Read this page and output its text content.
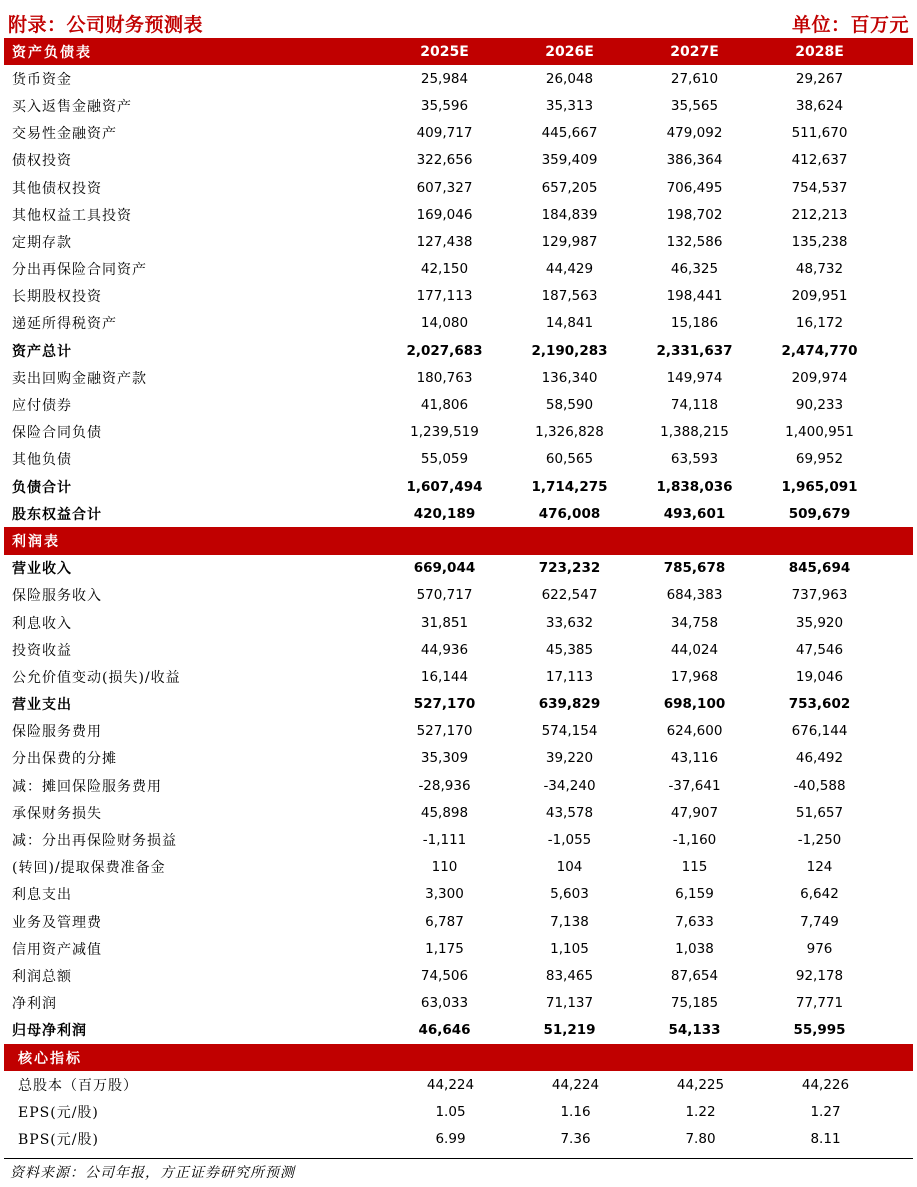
附录：公司财务预测表	单位：百万元
资产负债表	2025E	2026E	2027E	2028E
货币资金	25,984	26,048	27,610	29,267
买入返售金融资产	35,596	35,313	35,565	38,624
交易性金融资产	409,717	445,667	479,092	511,670
债权投资	322,656	359,409	386,364	412,637
其他债权投资	607,327	657,205	706,495	754,537
其他权益工具投资	169,046	184,839	198,702	212,213
定期存款	127,438	129,987	132,586	135,238
分出再保险合同资产	42,150	44,429	46,325	48,732
长期股权投资	177,113	187,563	198,441	209,951
递延所得税资产	14,080	14,841	15,186	16,172
资产总计	2,027,683	2,190,283	2,331,637	2,474,770
卖出回购金融资产款	180,763	136,340	149,974	209,974
应付债券	41,806	58,590	74,118	90,233
保险合同负债	1,239,519	1,326,828	1,388,215	1,400,951
其他负债	55,059	60,565	63,593	69,952
负债合计	1,607,494	1,714,275	1,838,036	1,965,091
股东权益合计	420,189	476,008	493,601	509,679
利润表
营业收入	669,044	723,232	785,678	845,694
保险服务收入	570,717	622,547	684,383	737,963
利息收入	31,851	33,632	34,758	35,920
投资收益	44,936	45,385	44,024	47,546
公允价值变动(损失)/收益	16,144	17,113	17,968	19,046
营业支出	527,170	639,829	698,100	753,602
保险服务费用	527,170	574,154	624,600	676,144
分出保费的分摊	35,309	39,220	43,116	46,492
减：摊回保险服务费用	-28,936	-34,240	-37,641	-40,588
承保财务损失	45,898	43,578	47,907	51,657
减：分出再保险财务损益	-1,111	-1,055	-1,160	-1,250
(转回)/提取保费准备金	110	104	115	124
利息支出	3,300	5,603	6,159	6,642
业务及管理费	6,787	7,138	7,633	7,749
信用资产减值	1,175	1,105	1,038	976
利润总额	74,506	83,465	87,654	92,178
净利润	63,033	71,137	75,185	77,771
归母净利润	46,646	51,219	54,133	55,995
核心指标
总股本（百万股）	44,224	44,224	44,225	44,226
EPS(元/股)	1.05	1.16	1.22	1.27
BPS(元/股)	6.99	7.36	7.80	8.11
资料来源：公司年报，方正证券研究所预测
